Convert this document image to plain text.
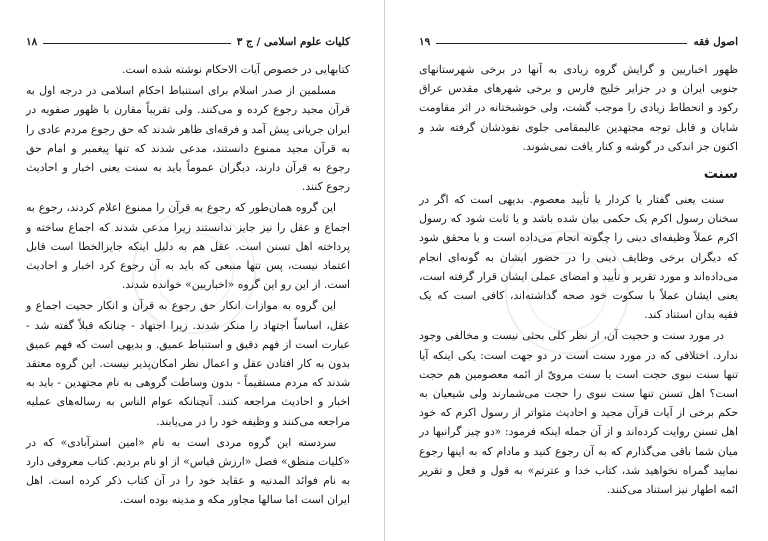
کلیات علوم اسلامی / ج ۳
۱۸

کتابهایی در خصوص آیات الاحکام نوشته شده است.

مسلمین از صدر اسلام برای استنباط احکام اسلامی در درجه اول به قرآن مجید رجوع کرده و می‌کنند. ولی تقریباً مقارن با ظهور صفویه در ایران جریانی پیش آمد و فرقه‌ای ظاهر شدند که حق رجوع مردم عادی را به قرآن مجید ممنوع دانستند، مدعی شدند که تنها پیغمبر و امام حق رجوع به قرآن دارند، دیگران عموماً باید به سنت یعنی اخبار و احادیث رجوع کنند.

این گروه همان‌طور که رجوع به قرآن را ممنوع اعلام کردند، رجوع به اجماع و عقل را نیز جایز ندانستند زیرا مدعی شدند که اجماع ساخته و پرداخته اهل تسنن است. عقل هم به دلیل اینکه جایزالخطا است قابل اعتماد نیست، پس تنها منبعی که باید به آن رجوع کرد اخبار و احادیث است. از این رو این گروه «اخباریین» خوانده شدند.

این گروه به موازات انکار حق رجوع به قرآن و انکار حجیت اجماع و عقل، اساساً اجتهاد را منکر شدند. زیرا اجتهاد - چنانکه قبلاً گفته شد - عبارت است از فهم دقیق و استنباط عمیق. و بدیهی است که فهم عمیق بدون به کار افتادن عقل و اعمال نظر امکان‌پذیر نیست. این گروه معتقد شدند که مردم مستقیماً - بدون وساطت گروهی به نام مجتهدین - باید به اخبار و احادیث مراجعه کنند. آنچنانکه عوام الناس به رساله‌های عملیه مراجعه می‌کنند و وظیفه خود را در می‌یابند.

سردسته این گروه مردی است به نام «امین استرآبادی» که در «کلیات منطق» فصل «ارزش قیاس» از او نام بردیم. کتاب معروفی دارد به نام فوائد المدنیه و عقاید خود را در آن کتاب ذکر کرده است. اهل ایران است اما سالها مجاور مکه و مدینه بوده است.

اصول فقه
۱۹

ظهور اخباریین و گرایش گروه زیادی به آنها در برخی شهرستانهای جنوبی ایران و در جزایر خلیج فارس و برخی شهرهای مقدس عراق رکود و انحطاط زیادی را موجب گشت، ولی خوشبختانه در اثر مقاومت شایان و قابل توجه مجتهدین عالیمقامی جلوی نفوذشان گرفته شد و اکنون جز اندکی در گوشه و کنار یافت نمی‌شوند.

سنت

سنت یعنی گفتار یا کردار یا تأیید معصوم. بدیهی است که اگر در سخنان رسول اکرم یک حکمی بیان شده باشد و یا ثابت شود که رسول اکرم عملاً وظیفه‌ای دینی را چگونه انجام می‌داده است و یا محقق شود که دیگران برخی وظایف دینی را در حضور ایشان به گونه‌ای انجام می‌داده‌اند و مورد تقریر و تأیید و امضای عملی ایشان قرار گرفته است، یعنی ایشان عملاً با سکوت خود صحه گذاشته‌اند، کافی است که یک فقیه بدان استناد کند.

در مورد سنت و حجیت آن، از نظر کلی بحثی نیست و مخالفی وجود ندارد. اختلافی که در مورد سنت است در دو جهت است: یکی اینکه آیا تنها سنت نبوی حجت است یا سنت مرویّ از ائمه معصومین هم حجت است؟ اهل تسنن تنها سنت نبوی را حجت می‌شمارند ولی شیعیان به حکم برخی از آیات قرآن مجید و احادیث متواتر از رسول اکرم که خود اهل تسنن روایت کرده‌اند و از آن جمله اینکه فرمود: «دو چیز گرانبها در میان شما باقی می‌گذارم که به آن رجوع کنید و مادام که به اینها رجوع نمایید گمراه نخواهید شد، کتاب خدا و عترتم» به قول و فعل و تقریر ائمه اطهار نیز استناد می‌کنند.
